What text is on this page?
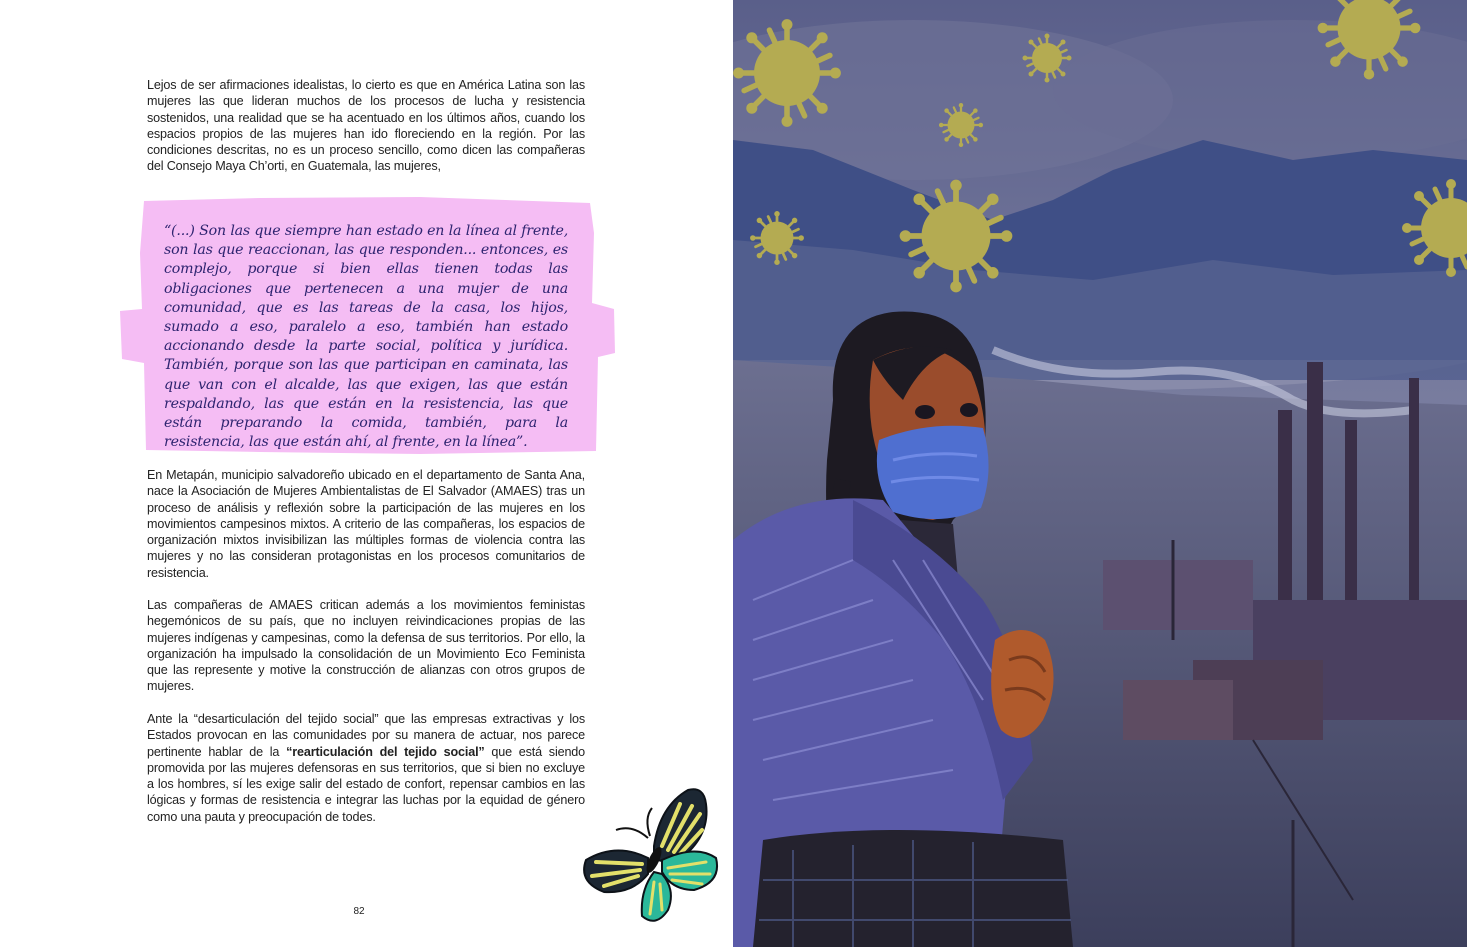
Lejos de ser afirmaciones idealistas, lo cierto es que en América Latina son las mujeres las que lideran muchos de los procesos de lucha y resistencia sostenidos, una realidad que se ha acentuado en los últimos años, cuando los espacios propios de las mujeres han ido floreciendo en la región. Por las condiciones descritas, no es un proceso sencillo, como dicen las compañeras del Consejo Maya Ch’orti, en Guatemala, las mujeres,

“(...) Son las que siempre han estado en la línea al frente, son las que reaccionan, las que responden... entonces, es complejo, porque si bien ellas tienen todas las obligaciones que pertenecen a una mujer de una comunidad, que es las tareas de la casa, los hijos, sumado a eso, paralelo a eso, también han estado accionando desde la parte social, política y jurídica. También, porque son las que participan en caminata, las que van con el alcalde, las que exigen, las que están respaldando, las que están en la resistencia, las que están preparando la comida, también, para la resistencia, las que están ahí, al frente, en la línea”.

En Metapán, municipio salvadoreño ubicado en el departamento de Santa Ana, nace la Asociación de Mujeres Ambientalistas de El Salvador (AMAES) tras un proceso de análisis y reflexión sobre la participación de las mujeres en los movimientos campesinos mixtos. A criterio de las compañeras, los espacios de organización mixtos invisibilizan las múltiples formas de violencia contra las mujeres y no las consideran protagonistas en los procesos comunitarios de resistencia.

Las compañeras de AMAES critican además a los movimientos feministas hegemónicos de su país, que no incluyen reivindicaciones propias de las mujeres indígenas y campesinas, como la defensa de sus territorios. Por ello, la organización ha impulsado la consolidación de un Movimiento Eco Feminista que las represente y motive la construcción de alianzas con otros grupos de mujeres.

Ante la “desarticulación del tejido social” que las empresas extractivas y los Estados provocan en las comunidades por su manera de actuar, nos parece pertinente hablar de la “rearticulación del tejido social” que está siendo promovida por las mujeres defensoras en sus territorios, que si bien no excluye a los hombres, sí les exige salir del estado de confort, repensar cambios en las lógicas y formas de resistencia e integrar las luchas por la equidad de género como una pauta y preocupación de todes.

82
